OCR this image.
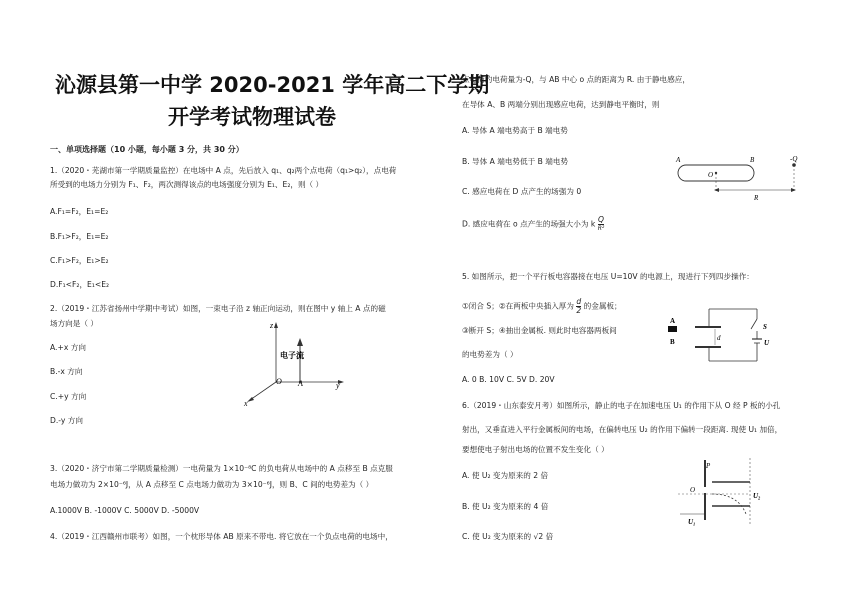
沁源县第一中学 2020-2021 学年高二下学期
开学考试物理试卷
一、单项选择题（10 小题，每小题 3 分，共 30 分）
1.（2020・芜湖市第一学期质量监控）在电场中 A 点，先后放入 q₁、q₂两个点电荷（q₁>q₂），点电荷
所受到的电场力分别为 F₁、F₂，两次测得该点的电场强度分别为 E₁、E₂，则（ ）
A.F₁=F₂，E₁=E₂
B.F₁>F₂，E₁=E₂
C.F₁>F₂，E₁>E₂
D.F₁<F₂，E₁<E₂
2.（2019・江苏省扬州中学期中考试）如图，一束电子沿 z 轴正向运动，则在图中 y 轴上 A 点的磁
场方向是（ ）
A.+x 方向
B.-x 方向
C.+y 方向
D.-y 方向
z
电子流
O A	y
x
3.（2020・济宁市第二学期质量检测）一电荷量为 1×10⁻⁸C 的负电荷从电场中的 A 点移至 B 点克服
电场力做功为 2×10⁻⁶J，从 A 点移至 C 点电场力做功为 3×10⁻⁶J，则 B、C 间的电势差为（ ）
A.1000V B. -1000V C. 5000V D. -5000V
4.（2019・江西赣州市联考）如图，一个枕形导体 AB 原来不带电. 将它放在一个负点电荷的电场中，
点电荷的电荷量为-Q，与 AB 中心 o 点的距离为 R. 由于静电感应，
在导体 A、B 两端分别出现感应电荷，达到静电平衡时，则
A. 导体 A 端电势高于 B 端电势
B. 导体 A 端电势低于 B 端电势
C. 感应电荷在 D 点产生的场强为 0
D. 感应电荷在 o 点产生的场强大小为 k Q
R²
A	B
O
-Q
R
5. 如图所示，把一个平行板电容器接在电压 U=10V 的电源上，现进行下列四步操作：
①闭合 S；②在两板中央插入厚为 $\frac{d}{2}$ 的金属板；
③断开 S；④抽出金属板. 则此时电容器两板间
的电势差为（ ）
A. 0 B. 10V C. 5V D. 20V
A
B	d
S
U
6.（2019・山东泰安月考）如图所示，静止的电子在加速电压 U₁ 的作用下从 O 经 P 板的小孔
射出，又垂直进入平行金属板间的电场，在偏转电压 U₂ 的作用下偏转一段距离. 现使 U₁ 加倍，
要想使电子射出电场的位置不发生变化（ ）
A. 使 U₂ 变为原来的 2 倍
B. 使 U₂ 变为原来的 4 倍
C. 使 U₂ 变为原来的 √2 倍
O
P
U₂
U₁
